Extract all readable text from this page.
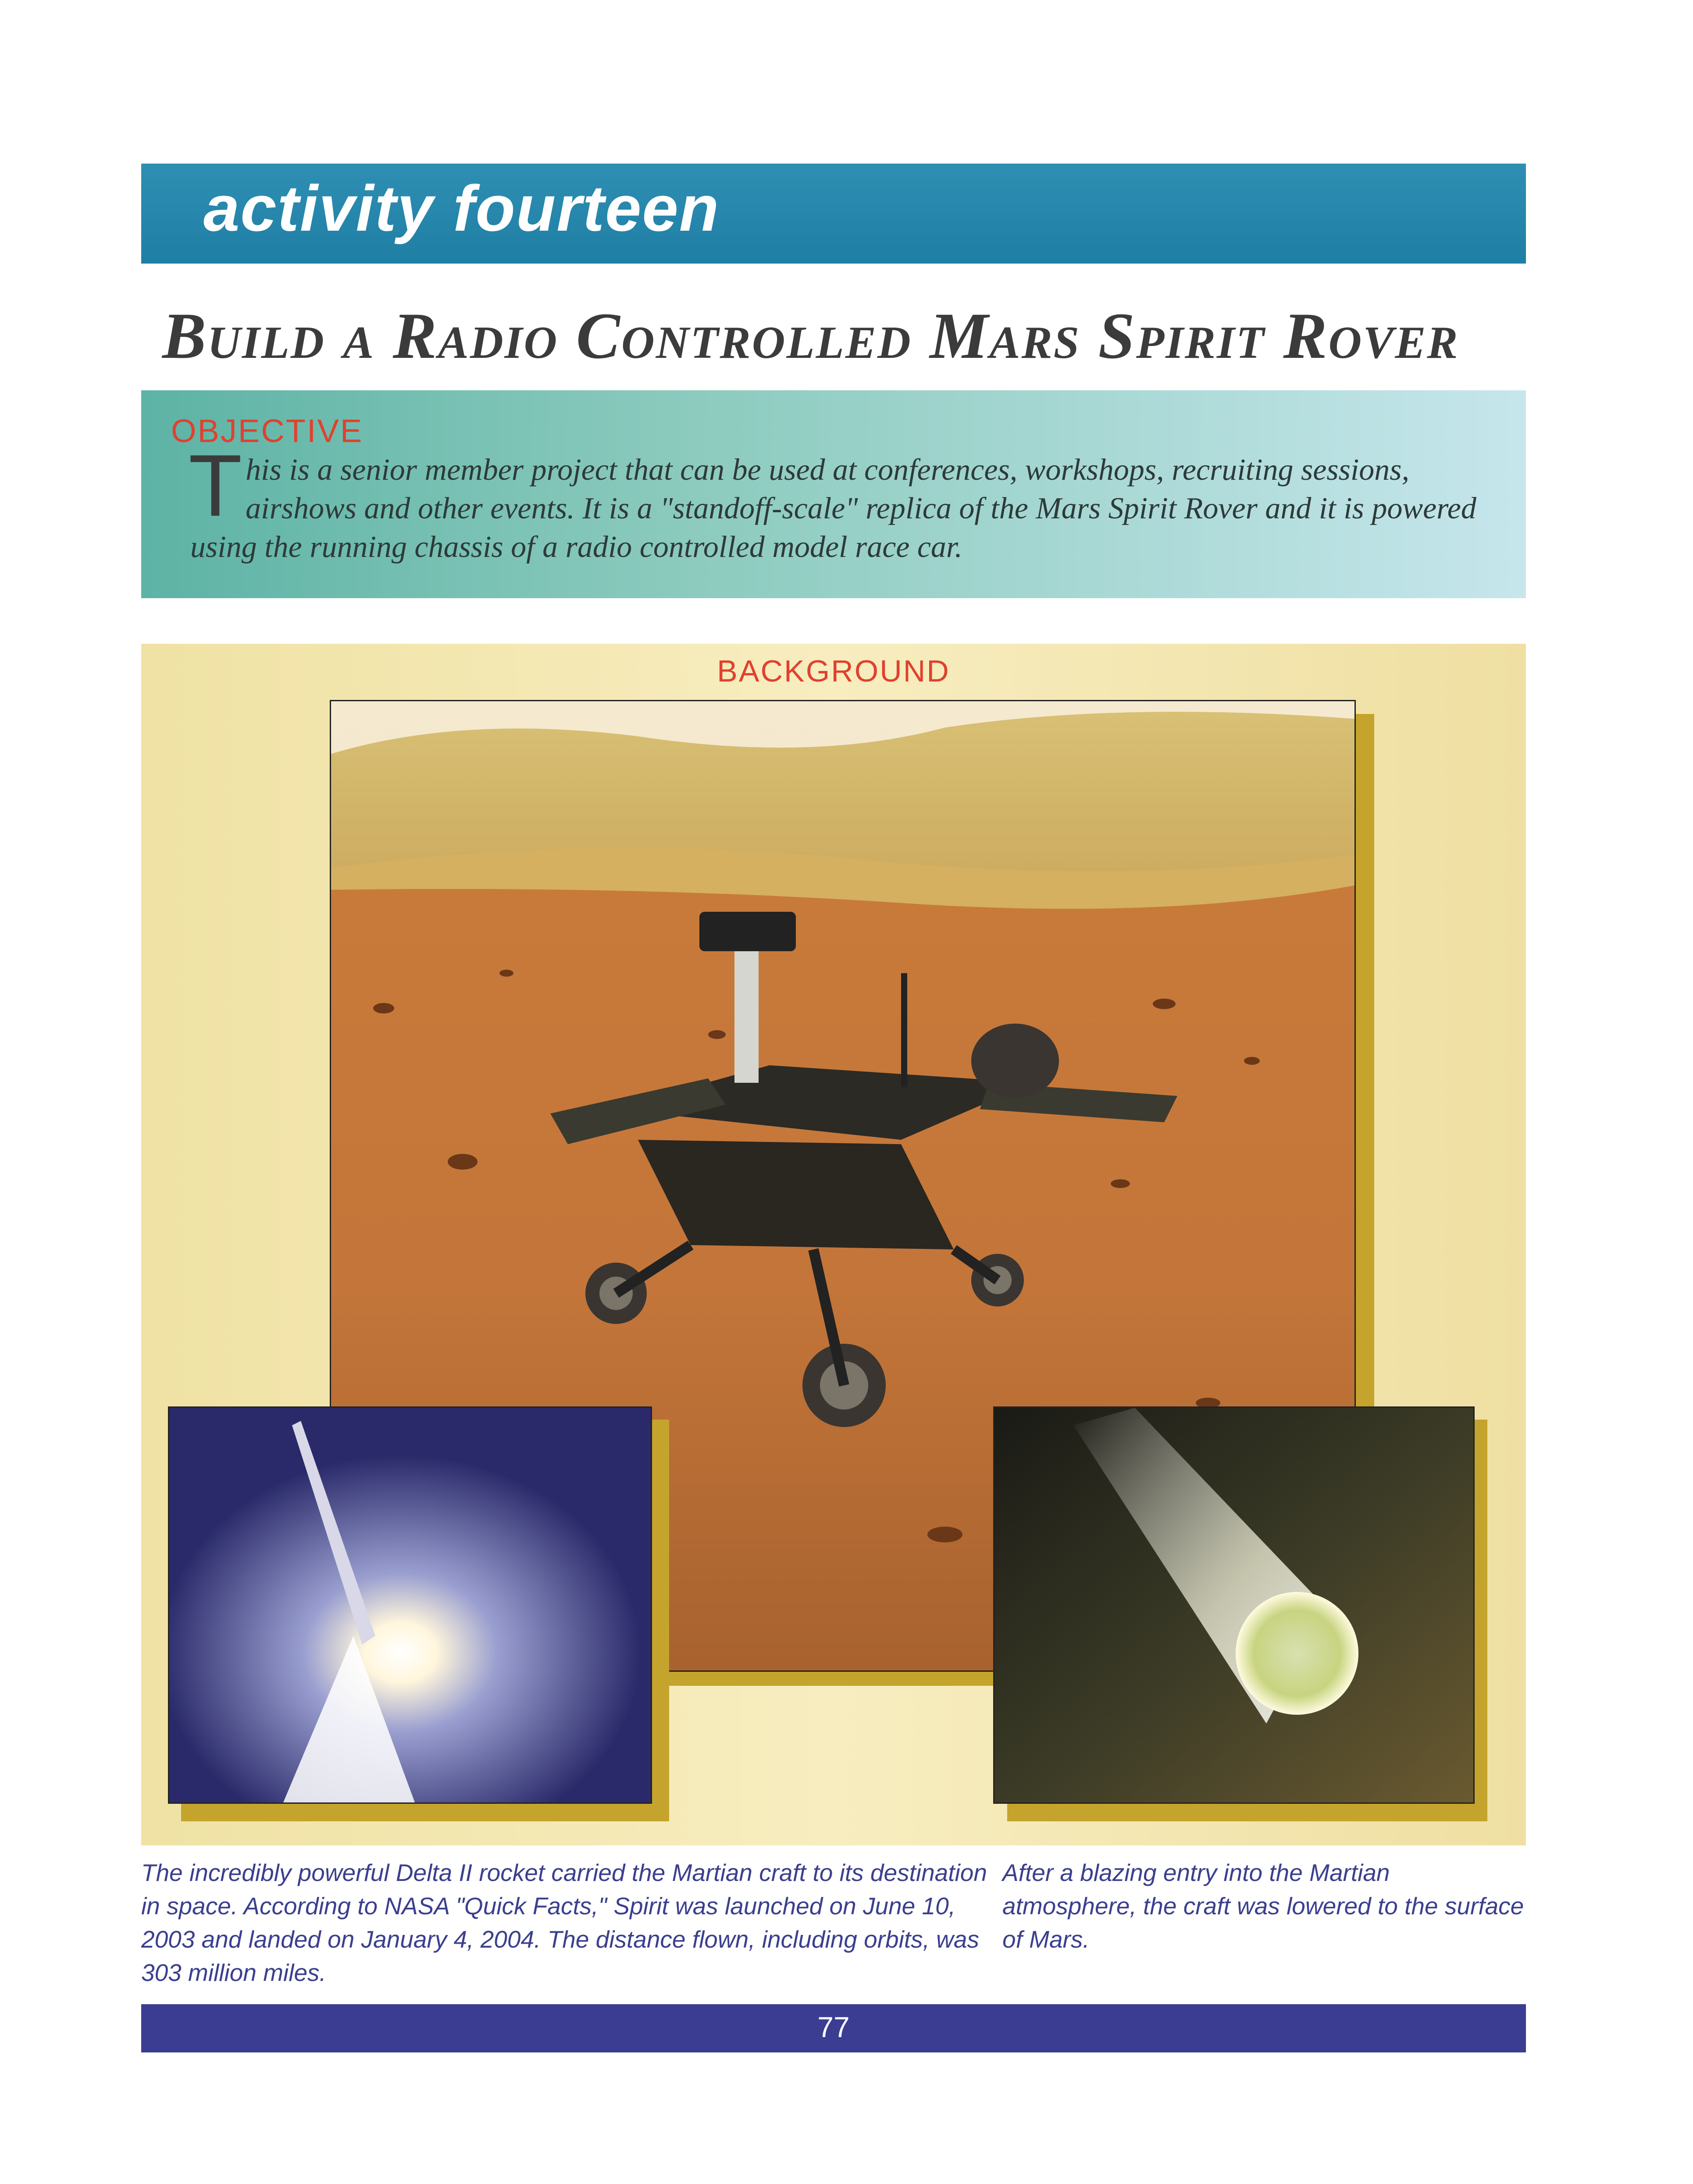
activity fourteen
Build a Radio Controlled Mars Spirit Rover
OBJECTIVE
This is a senior member project that can be used at conferences, workshops, recruiting sessions, airshows and other events. It is a "standoff-scale" replica of the Mars Spirit Rover and it is powered using the running chassis of a radio controlled model race car.
BACKGROUND
The incredibly powerful Delta II rocket carried the Martian craft to its destination in space. According to NASA "Quick Facts," Spirit was launched on June 10, 2003 and landed on January 4, 2004. The distance flown, including orbits, was 303 million miles.
After a blazing entry into the Martian atmosphere, the craft was lowered to the surface of Mars.
77
